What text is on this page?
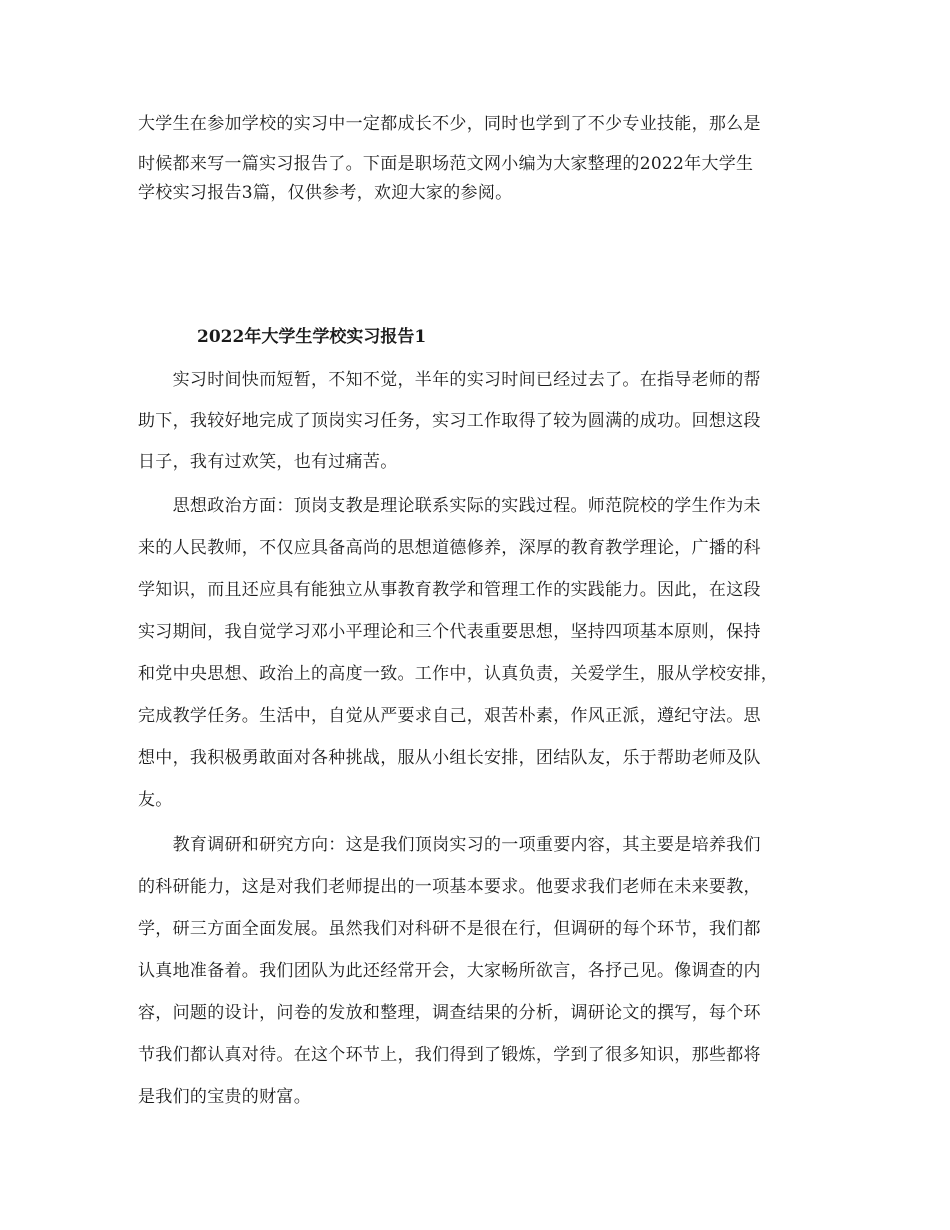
大学生在参加学校的实习中一定都成长不少，同时也学到了不少专业技能，那么是
时候都来写一篇实习报告了。下面是职场范文网小编为大家整理的2022年大学生
学校实习报告3篇，仅供参考，欢迎大家的参阅。
2022年大学生学校实习报告1
　　实习时间快而短暂，不知不觉，半年的实习时间已经过去了。在指导老师的帮
助下，我较好地完成了顶岗实习任务，实习工作取得了较为圆满的成功。回想这段
日子，我有过欢笑，也有过痛苦。
　　思想政治方面：顶岗支教是理论联系实际的实践过程。师范院校的学生作为未
来的人民教师，不仅应具备高尚的思想道德修养，深厚的教育教学理论，广播的科
学知识，而且还应具有能独立从事教育教学和管理工作的实践能力。因此，在这段
实习期间，我自觉学习邓小平理论和三个代表重要思想，坚持四项基本原则，保持
和党中央思想、政治上的高度一致。工作中，认真负责，关爱学生，服从学校安排，
完成教学任务。生活中，自觉从严要求自己，艰苦朴素，作风正派，遵纪守法。思
想中，我积极勇敢面对各种挑战，服从小组长安排，团结队友，乐于帮助老师及队
友。
　　教育调研和研究方向：这是我们顶岗实习的一项重要内容，其主要是培养我们
的科研能力，这是对我们老师提出的一项基本要求。他要求我们老师在未来要教，
学，研三方面全面发展。虽然我们对科研不是很在行，但调研的每个环节，我们都
认真地准备着。我们团队为此还经常开会，大家畅所欲言，各抒己见。像调查的内
容，问题的设计，问卷的发放和整理，调查结果的分析，调研论文的撰写，每个环
节我们都认真对待。在这个环节上，我们得到了锻炼，学到了很多知识，那些都将
是我们的宝贵的财富。
